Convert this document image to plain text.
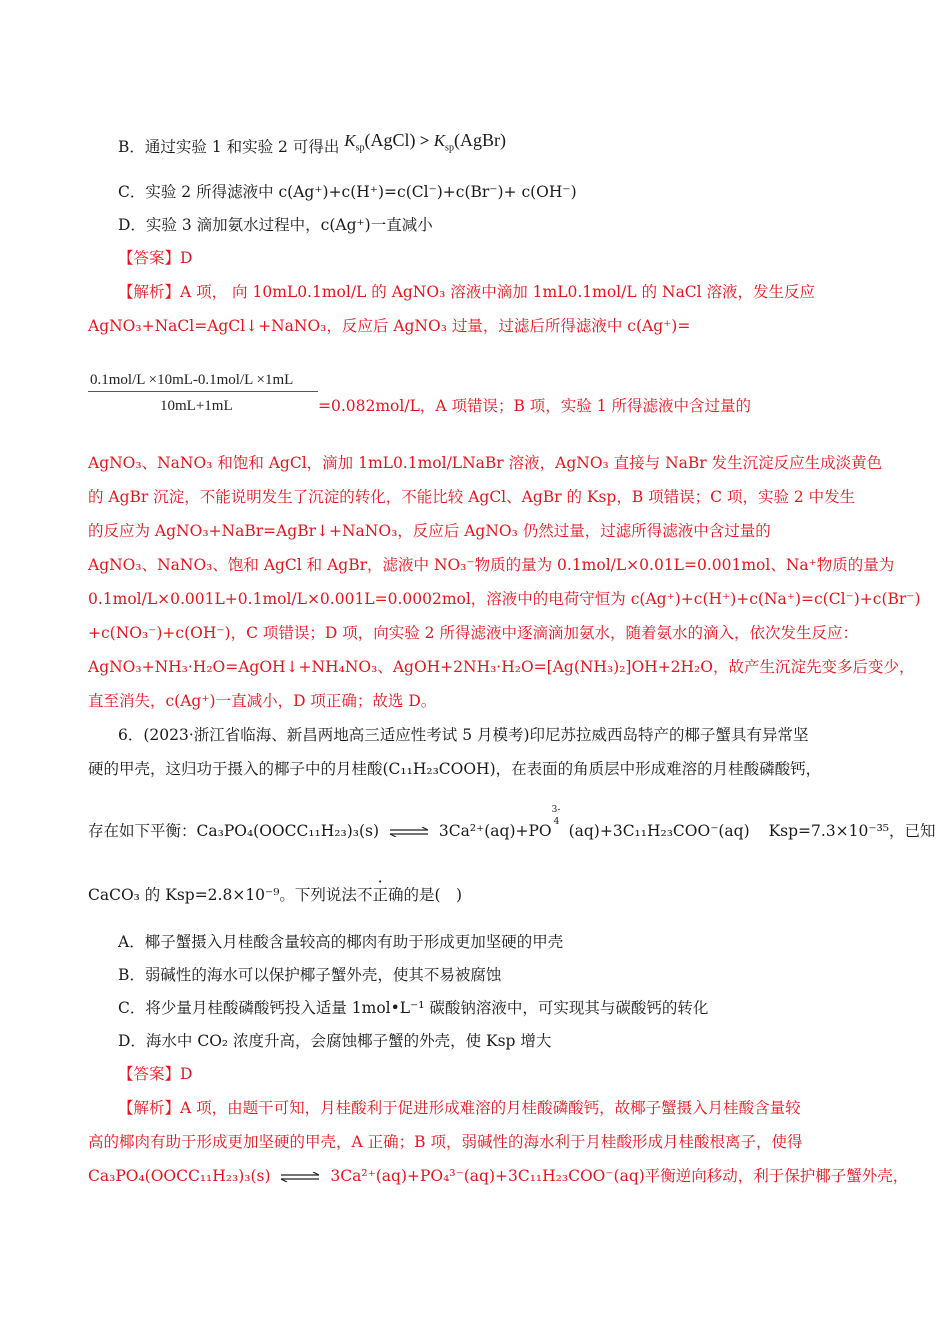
B．通过实验 1 和实验 2 可得出 $K_{sp}(AgCl)$ > $K_{sp}(AgBr)$
C．实验 2 所得滤液中 c(Ag⁺)+c(H⁺)=c(Cl⁻)+c(Br⁻)+ c(OH⁻)
D．实验 3 滴加氨水过程中，c(Ag⁺)一直减小
【答案】D
【解析】A 项， 向 10mL0.1mol/L 的 AgNO₃ 溶液中滴加 1mL0.1mol/L 的 NaCl 溶液，发生反应
AgNO₃+NaCl=AgCl↓+NaNO₃，反应后 AgNO₃ 过量，过滤后所得滤液中 c(Ag⁺)=
0.1mol/L ×10mL-0.1mol/L ×1mL
10mL+1mL	=0.082mol/L，A 项错误；B 项，实验 1 所得滤液中含过量的
AgNO₃、NaNO₃ 和饱和 AgCl，滴加 1mL0.1mol/LNaBr 溶液，AgNO₃ 直接与 NaBr 发生沉淀反应生成淡黄色
的 AgBr 沉淀，不能说明发生了沉淀的转化，不能比较 AgCl、AgBr 的 Ksp，B 项错误；C 项，实验 2 中发生
的反应为 AgNO₃+NaBr=AgBr↓+NaNO₃，反应后 AgNO₃ 仍然过量，过滤所得滤液中含过量的
AgNO₃、NaNO₃、饱和 AgCl 和 AgBr，滤液中 NO₃⁻物质的量为 0.1mol/L×0.01L=0.001mol、Na⁺物质的量为
0.1mol/L×0.001L+0.1mol/L×0.001L=0.0002mol，溶液中的电荷守恒为 c(Ag⁺)+c(H⁺)+c(Na⁺)=c(Cl⁻)+c(Br⁻)
+c(NO₃⁻)+c(OH⁻)，C 项错误；D 项，向实验 2 所得滤液中逐滴滴加氨水，随着氨水的滴入，依次发生反应：
AgNO₃+NH₃·H₂O=AgOH↓+NH₄NO₃、AgOH+2NH₃·H₂O=[Ag(NH₃)₂]OH+2H₂O，故产生沉淀先变多后变少，
直至消失，c(Ag⁺)一直减小，D 项正确；故选 D。
6．(2023·浙江省临海、新昌两地高三适应性考试 5 月模考)印尼苏拉威西岛特产的椰子蟹具有异常坚
硬的甲壳，这归功于摄入的椰子中的月桂酸(C₁₁H₂₃COOH)，在表面的角质层中形成难溶的月桂酸磷酸钙，
存在如下平衡：Ca₃PO₄(OOCC₁₁H₂₃)₃(s) ⇌ 3Ca²⁺(aq)+PO
3-
4 (aq)+3C₁₁H₂₃COO⁻(aq) Ksp=7.3×10⁻³⁵，已知
CaCO₃ 的 Ksp=2.8×10⁻⁹。下列说法不正确的是(　)
A．椰子蟹摄入月桂酸含量较高的椰肉有助于形成更加坚硬的甲壳
B．弱碱性的海水可以保护椰子蟹外壳，使其不易被腐蚀
C．将少量月桂酸磷酸钙投入适量 1mol•L⁻¹ 碳酸钠溶液中，可实现其与碳酸钙的转化
D．海水中 CO₂ 浓度升高，会腐蚀椰子蟹的外壳，使 Ksp 增大
【答案】D
【解析】A 项，由题干可知，月桂酸利于促进形成难溶的月桂酸磷酸钙，故椰子蟹摄入月桂酸含量较
高的椰肉有助于形成更加坚硬的甲壳，A 正确；B 项，弱碱性的海水利于月桂酸形成月桂酸根离子，使得
Ca₃PO₄(OOCC₁₁H₂₃)₃(s) ⇌ 3Ca²⁺(aq)+PO₄³⁻(aq)+3C₁₁H₂₃COO⁻(aq)平衡逆向移动，利于保护椰子蟹外壳，
